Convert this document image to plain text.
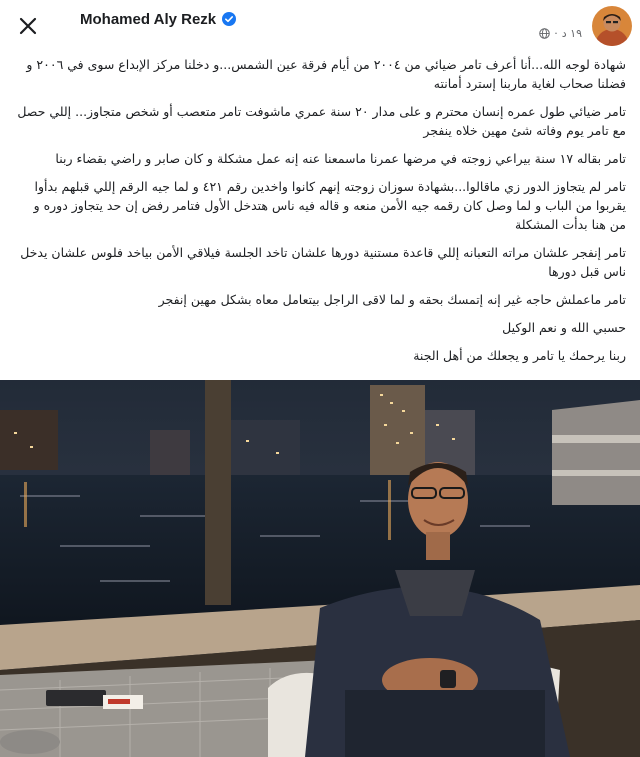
Mohamed Aly Rezk
١٩ د
·

شهادة لوجه الله...أنا أعرف تامر ضيائي من ٢٠٠٤ من أيام فرقة عين الشمس...و دخلنا مركز الإبداع سوى في ٢٠٠٦ و فضلنا صحاب لغاية ماربنا إسترد أمانته

تامر ضيائي طول عمره إنسان محترم و على مدار ٢٠ سنة عمري ماشوفت تامر متعصب أو شخص متجاوز... إللي حصل مع تامر يوم وفاته شئ مهين خلاه ينفجر

تامر بقاله ١٧ سنة بيراعي زوجته في مرضها عمرنا ماسمعنا عنه إنه عمل مشكلة و كان صابر و راضي بقضاء ربنا

تامر لم يتجاوز الدور زي ماقالوا...بشهادة سوزان زوجته إنهم كانوا واخدين رقم ٤٢١ و لما جيه الرقم إللي قبلهم بدأوا يقربوا من الباب و لما وصل كان رقمه جيه الأمن منعه و قاله فيه ناس هتدخل الأول فتامر رفض إن حد يتجاوز دوره و من هنا بدأت المشكلة

تامر إنفجر علشان مراته التعبانه إللي قاعدة مستنية دورها علشان تاخد الجلسة فيلاقي الأمن بياخد فلوس علشان يدخل ناس قبل دورها

تامر ماعملش حاجه غير إنه إتمسك بحقه و لما لاقى الراجل بيتعامل معاه بشكل مهين إنفجر

حسبي الله و نعم الوكيل

ربنا يرحمك يا تامر و يجعلك من أهل الجنة
